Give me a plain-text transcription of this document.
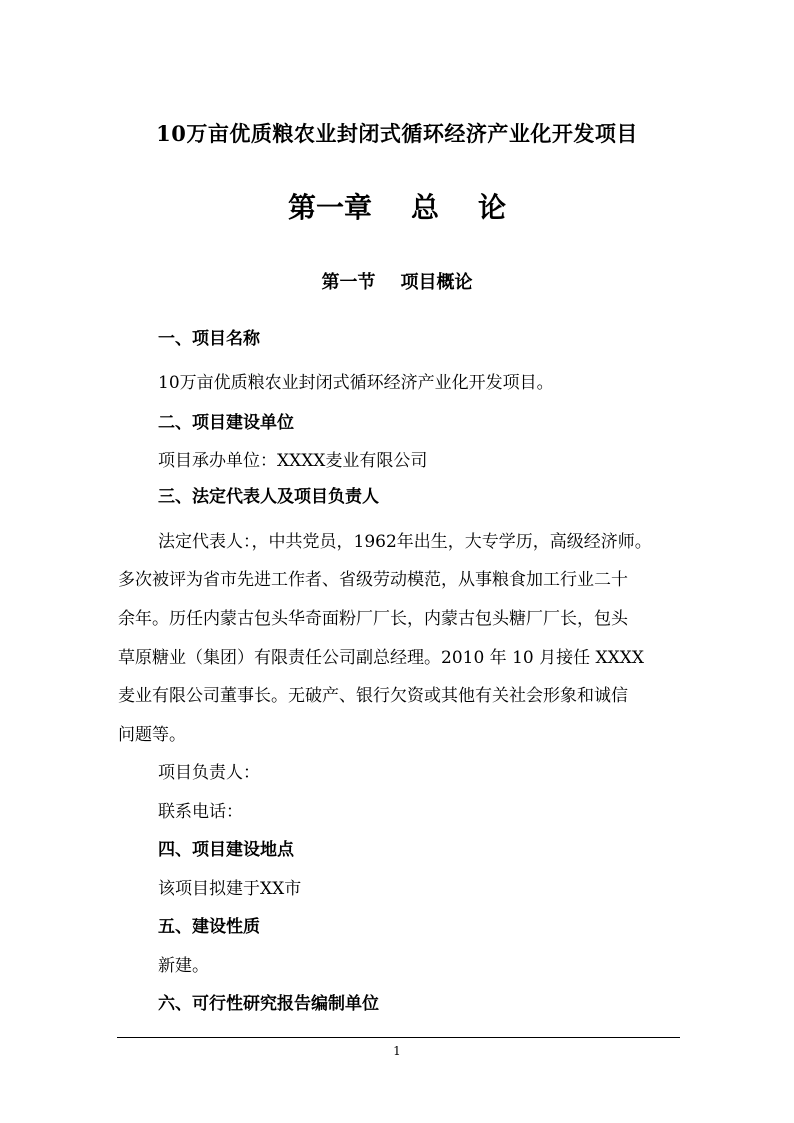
10万亩优质粮农业封闭式循环经济产业化开发项目
第一章    总    论
第一节    项目概论
一、项目名称
10万亩优质粮农业封闭式循环经济产业化开发项目。
二、项目建设单位
项目承办单位：XXXX麦业有限公司
三、法定代表人及项目负责人
法定代表人：，中共党员，1962年出生，大专学历，高级经济师。
多次被评为省市先进工作者、省级劳动模范，从事粮食加工行业二十
余年。历任内蒙古包头华奇面粉厂厂长，内蒙古包头糖厂厂长，包头
草原糖业（集团）有限责任公司副总经理。2010 年 10 月接任 XXXX
麦业有限公司董事长。无破产、银行欠资或其他有关社会形象和诚信
问题等。
项目负责人：
联系电话：
四、项目建设地点
该项目拟建于XX市
五、建设性质
新建。
六、可行性研究报告编制单位
1
